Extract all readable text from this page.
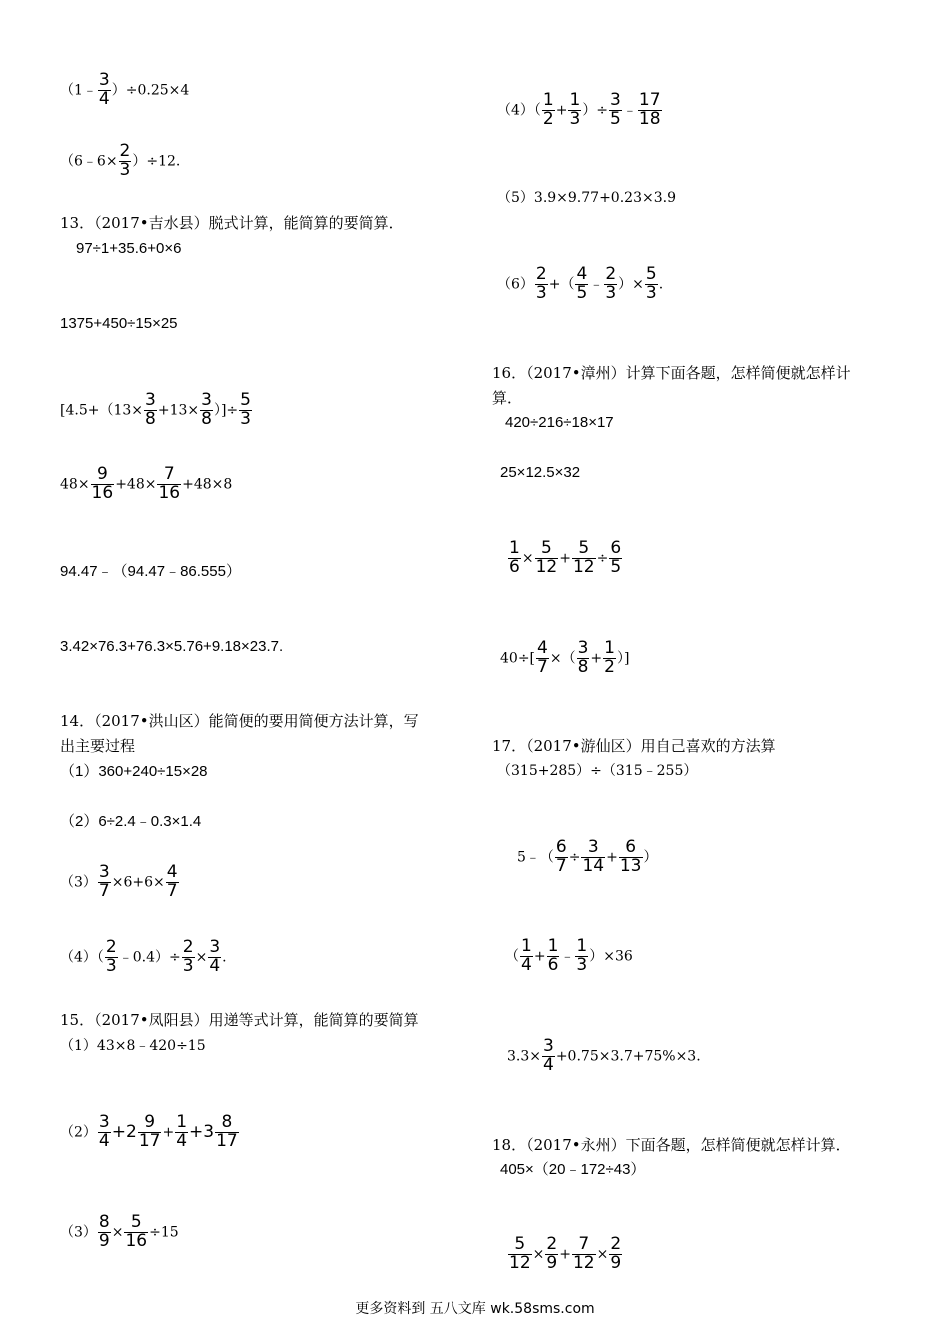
（1﹣ $\frac{3}{4} )\div 0.25\times 4$
（6﹣6× $\frac{2}{3} )\div 12$.
13．（2017•吉水县）脱式计算，能简算的要简算．
97÷1+35.6+0×6
1375+450÷15×25
[$4.5+(13\times \frac{3}{8} +13\times \frac{3}{8}$ ）]÷ $\frac{5}{3}$
$48\times \frac{9}{16} +48\times \frac{7}{16} +48\times 8$
94.47﹣（94.47﹣86.555）
3.42×76.3+76.3×5.76+9.18×23.7.
14．（2017•洪山区）能简便的要用简便方法计算，写
出主要过程
（1）360+240÷15×28
（2）6÷2.4﹣0.3×1.4
$(3) \frac{3}{7} \times 6+6\times \frac{4}{7}$
$(4)( \frac{2}{3}$ ﹣0.4）÷ $\frac{2}{3} \times \frac{3}{4}$ .
15．（2017•凤阳县）用递等式计算，能简算的要简算
（1）43×8﹣420÷15
$(2) \frac{3}{4} +2 \frac{9}{17} + \frac{1}{4} +3 \frac{8}{17}$
$(3) \frac{8}{9} \times \frac{5}{16} \div 15$
$(4)( \frac{1}{2} + \frac{1}{3}$ ）÷ $\frac{3}{5}$ ﹣ $\frac{17}{18}$
（5）3.9×9.77+0.23×3.9
$(6) \frac{2}{3}$ +（ $\frac{4}{5}$ ﹣ $\frac{2}{3}$ ）× $\frac{5}{3}$ .
16．（2017•漳州）计算下面各题，怎样简便就怎样计
算．
420÷216÷18×17
25×12.5×32
$\frac{1}{6} \times \frac{5}{12} + \frac{5}{12} \div \frac{6}{5}$
$40\div[ \frac{4}{7}$ ×（ $\frac{3}{8} + \frac{1}{2}$ ）]
17．（2017•游仙区）用自己喜欢的方法算
（315+285）÷（315﹣255）
5﹣（ $\frac{6}{7} \div \frac{3}{14} + \frac{6}{13}$ ）
（ $\frac{1}{4} + \frac{1}{6}$ ﹣ $\frac{1}{3} )\times 36$
$3.3\times \frac{3}{4} +0.75\times 3.7+75\%\times 3$.
18．（2017•永州）下面各题，怎样简便就怎样计算．
405×（20﹣172÷43）
$\frac{5}{12} \times \frac{2}{9} + \frac{7}{12} \times \frac{2}{9}$
更多资料到 五八文库 wk.58sms.com
